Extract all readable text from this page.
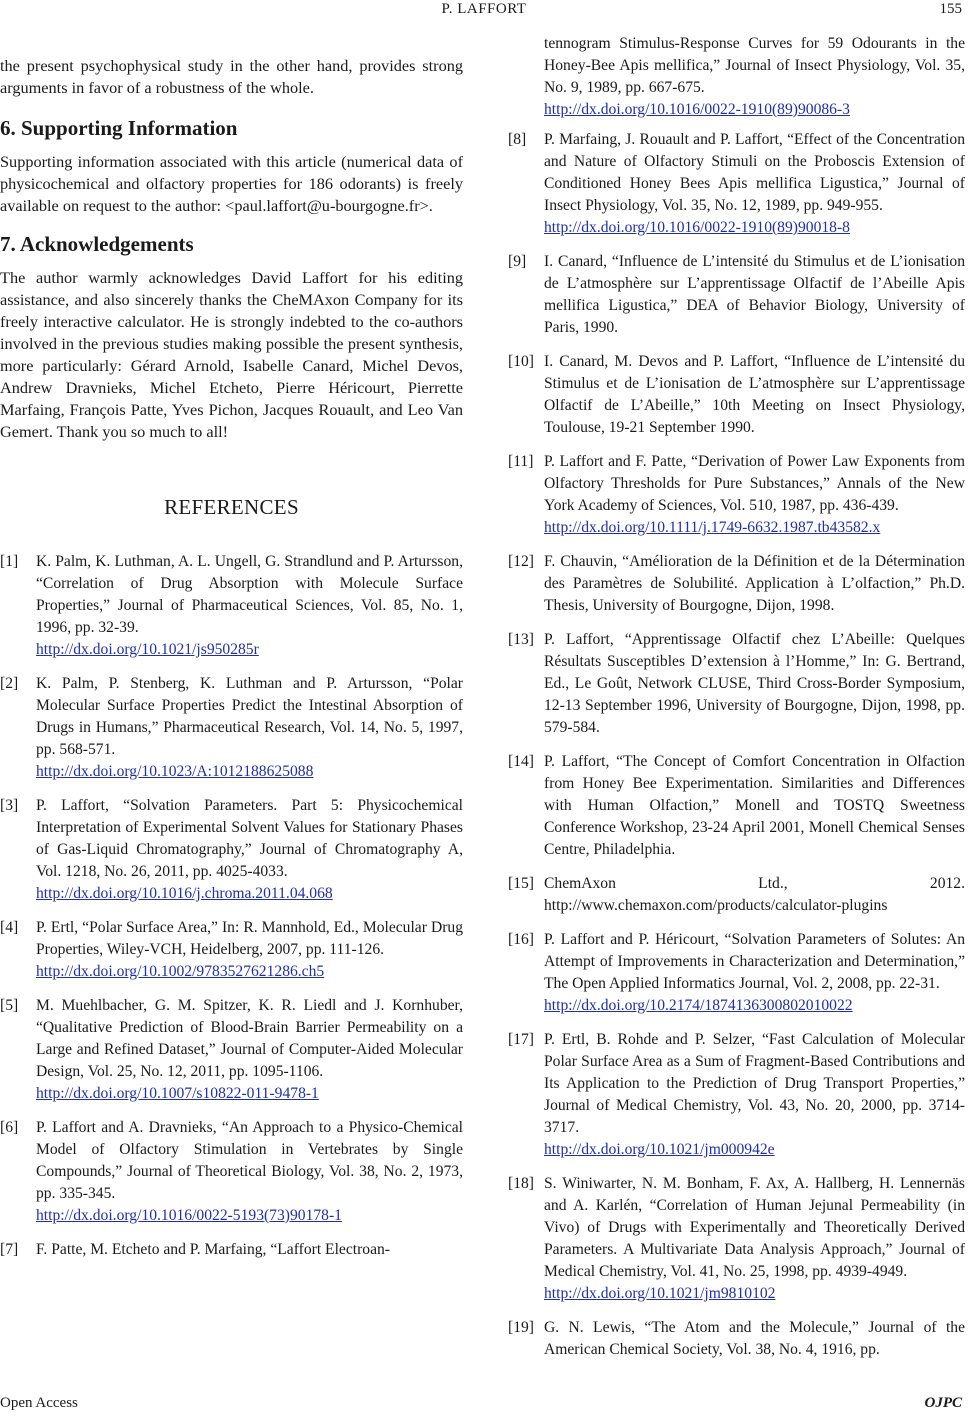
P. LAFFORT	155

the present psychophysical study in the other hand, provides strong arguments in favor of a robustness of the whole.

6. Supporting Information

Supporting information associated with this article (numerical data of physicochemical and olfactory properties for 186 odorants) is freely available on request to the author: <paul.laffort@u-bourgogne.fr>.

7. Acknowledgements

The author warmly acknowledges David Laffort for his editing assistance, and also sincerely thanks the CheMAxon Company for its freely interactive calculator. He is strongly indebted to the co-authors involved in the previous studies making possible the present synthesis, more particularly: Gérard Arnold, Isabelle Canard, Michel Devos, Andrew Dravnieks, Michel Etcheto, Pierre Héricourt, Pierrette Marfaing, François Patte, Yves Pichon, Jacques Rouault, and Leo Van Gemert. Thank you so much to all!

REFERENCES

[1] K. Palm, K. Luthman, A. L. Ungell, G. Strandlund and P. Artursson, “Correlation of Drug Absorption with Molecule Surface Properties,” Journal of Pharmaceutical Sciences, Vol. 85, No. 1, 1996, pp. 32-39.
http://dx.doi.org/10.1021/js950285r
[2] K. Palm, P. Stenberg, K. Luthman and P. Artursson, “Polar Molecular Surface Properties Predict the Intestinal Absorption of Drugs in Humans,” Pharmaceutical Research, Vol. 14, No. 5, 1997, pp. 568-571.
http://dx.doi.org/10.1023/A:1012188625088
[3] P. Laffort, “Solvation Parameters. Part 5: Physicochemical Interpretation of Experimental Solvent Values for Stationary Phases of Gas-Liquid Chromatography,” Journal of Chromatography A, Vol. 1218, No. 26, 2011, pp. 4025-4033.
http://dx.doi.org/10.1016/j.chroma.2011.04.068
[4] P. Ertl, “Polar Surface Area,” In: R. Mannhold, Ed., Molecular Drug Properties, Wiley-VCH, Heidelberg, 2007, pp. 111-126.
http://dx.doi.org/10.1002/9783527621286.ch5
[5] M. Muehlbacher, G. M. Spitzer, K. R. Liedl and J. Kornhuber, “Qualitative Prediction of Blood-Brain Barrier Permeability on a Large and Refined Dataset,” Journal of Computer-Aided Molecular Design, Vol. 25, No. 12, 2011, pp. 1095-1106.
http://dx.doi.org/10.1007/s10822-011-9478-1
[6] P. Laffort and A. Dravnieks, “An Approach to a Physico-Chemical Model of Olfactory Stimulation in Vertebrates by Single Compounds,” Journal of Theoretical Biology, Vol. 38, No. 2, 1973, pp. 335-345.
http://dx.doi.org/10.1016/0022-5193(73)90178-1
[7] F. Patte, M. Etcheto and P. Marfaing, “Laffort Electroan-
tennogram Stimulus-Response Curves for 59 Odourants in the Honey-Bee Apis mellifica,” Journal of Insect Physiology, Vol. 35, No. 9, 1989, pp. 667-675.
http://dx.doi.org/10.1016/0022-1910(89)90086-3
[8] P. Marfaing, J. Rouault and P. Laffort, “Effect of the Concentration and Nature of Olfactory Stimuli on the Proboscis Extension of Conditioned Honey Bees Apis mellifica Ligustica,” Journal of Insect Physiology, Vol. 35, No. 12, 1989, pp. 949-955.
http://dx.doi.org/10.1016/0022-1910(89)90018-8
[9] I. Canard, “Influence de L’intensité du Stimulus et de L’ionisation de L’atmosphère sur L’apprentissage Olfactif de l’Abeille Apis mellifica Ligustica,” DEA of Behavior Biology, University of Paris, 1990.
[10] I. Canard, M. Devos and P. Laffort, “Influence de L’intensité du Stimulus et de L’ionisation de L’atmosphère sur L’apprentissage Olfactif de L’Abeille,” 10th Meeting on Insect Physiology, Toulouse, 19-21 September 1990.
[11] P. Laffort and F. Patte, “Derivation of Power Law Exponents from Olfactory Thresholds for Pure Substances,” Annals of the New York Academy of Sciences, Vol. 510, 1987, pp. 436-439.
http://dx.doi.org/10.1111/j.1749-6632.1987.tb43582.x
[12] F. Chauvin, “Amélioration de la Définition et de la Détermination des Paramètres de Solubilité. Application à L’olfaction,” Ph.D. Thesis, University of Bourgogne, Dijon, 1998.
[13] P. Laffort, “Apprentissage Olfactif chez L’Abeille: Quelques Résultats Susceptibles D’extension à l’Homme,” In: G. Bertrand, Ed., Le Goût, Network CLUSE, Third Cross-Border Symposium, 12-13 September 1996, University of Bourgogne, Dijon, 1998, pp. 579-584.
[14] P. Laffort, “The Concept of Comfort Concentration in Olfaction from Honey Bee Experimentation. Similarities and Differences with Human Olfaction,” Monell and TOSTQ Sweetness Conference Workshop, 23-24 April 2001, Monell Chemical Senses Centre, Philadelphia.
[15] ChemAxon Ltd., 2012. http://www.chemaxon.com/products/calculator-plugins
[16] P. Laffort and P. Héricourt, “Solvation Parameters of Solutes: An Attempt of Improvements in Characterization and Determination,” The Open Applied Informatics Journal, Vol. 2, 2008, pp. 22-31.
http://dx.doi.org/10.2174/1874136300802010022
[17] P. Ertl, B. Rohde and P. Selzer, “Fast Calculation of Molecular Polar Surface Area as a Sum of Fragment-Based Contributions and Its Application to the Prediction of Drug Transport Properties,” Journal of Medical Chemistry, Vol. 43, No. 20, 2000, pp. 3714-3717.
http://dx.doi.org/10.1021/jm000942e
[18] S. Winiwarter, N. M. Bonham, F. Ax, A. Hallberg, H. Lennernäs and A. Karlén, “Correlation of Human Jejunal Permeability (in Vivo) of Drugs with Experimentally and Theoretically Derived Parameters. A Multivariate Data Analysis Approach,” Journal of Medical Chemistry, Vol. 41, No. 25, 1998, pp. 4939-4949.
http://dx.doi.org/10.1021/jm9810102
[19] G. N. Lewis, “The Atom and the Molecule,” Journal of the American Chemical Society, Vol. 38, No. 4, 1916, pp.
Open Access	OJPC
